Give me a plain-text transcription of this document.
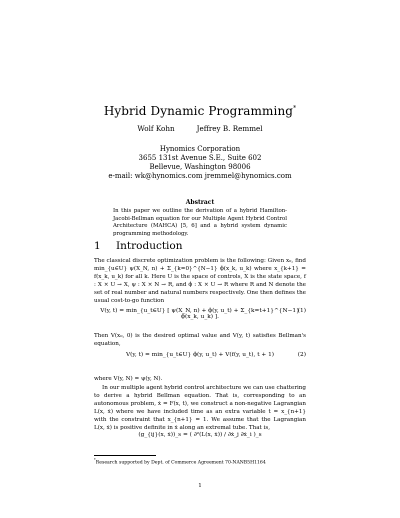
Hybrid Dynamic Programming*
Wolf Kohn	Jeffrey B. Remmel
Hynomics Corporation
3655 131st Avenue S.E., Suite 602
Bellevue, Washington 98006
e-mail: wk@hynomics.com jremmel@hynomics.com
Abstract
In this paper we outline the derivation of a hybrid Hamilton-Jacobi-Bellman equation for our Multiple Agent Hybrid Control Architecture (MAHCA) [5, 6] and a hybrid system dynamic programming methodology.
1 Introduction
The classical discrete optimization problem is the following: Given x₀, find min_{u∈U} ψ(X_N, n) + Σ_{k=0}^{N−1} ϕ(x_k, u_k) where x_{k+1} = f(x_k, u_k) for all k. Here U is the space of controls, X is the state space, f : X × U → X, ψ : X × N → R, and ϕ : X × U → R where R and N denote the set of real number and natural numbers respectively. One then defines the usual cost-to-go function
V(y, t) = min_{u_t∈U} [ ψ(X_N, n) + ϕ(y, u_t) + Σ_{k=t+1}^{N−1} ϕ(x_k, u_k) ].
(1)
Then V(x₀, 0) is the desired optimal value and V(y, t) satisfies Bellman's equation,
V(y, t) = min_{u_t∈U} ϕ(y, u_t) + V(f(y, u_t), t + 1)	(2)
where V(y, N) = ψ(y, N).
In our multiple agent hybrid control architecture we can use chattering to derive a hybrid Bellman equation. That is, corresponding to an autonomous problem, ẋ = F(x, t), we construct a non-negative Lagrangian L(x, ẋ) where we have included time as an extra variable t = x_{n+1} with the constraint that x_{n+1} = 1. We assume that the Lagrangian L(x, ẋ) is positive definite in ẋ along an extremal tube. That is,
(g_{ij}(x, ẋ))_s = ( ∂²(L(x, ẋ)) / ∂ẋ_j ∂ẋ_i )_s
*Research supported by Dept. of Commerce Agreement 70-NANB5H1164
1
